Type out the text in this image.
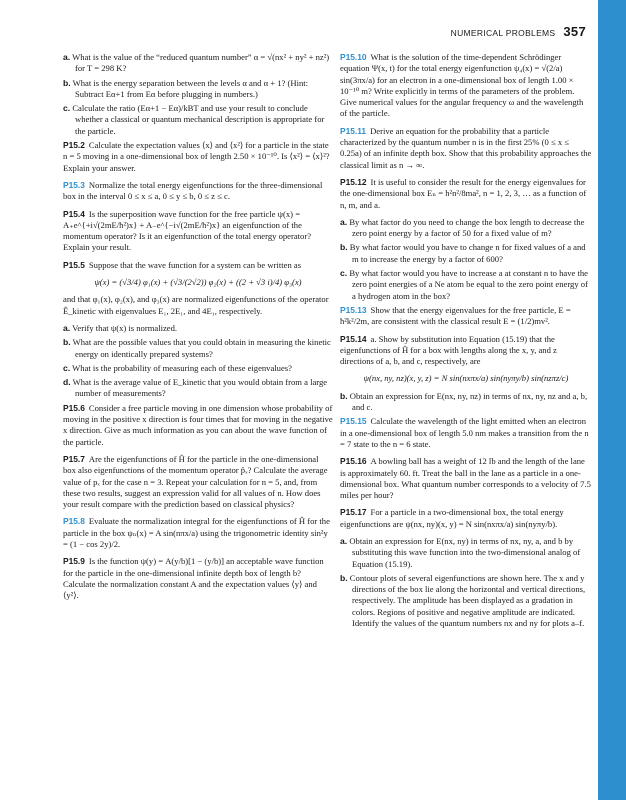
NUMERICAL PROBLEMS 357
a. What is the value of the “reduced quantum number” α = √(nx² + ny² + nz²) for T = 298 K?
b. What is the energy separation between the levels α and α + 1? (Hint: Subtract Eα+1 from Eα before plugging in numbers.)
c. Calculate the ratio (Eα+1 − Eα)/kBT and use your result to conclude whether a classical or quantum mechanical description is appropriate for the particle.
P15.2 Calculate the expectation values ⟨x⟩ and ⟨x²⟩ for a particle in the state n = 5 moving in a one-dimensional box of length 2.50 × 10⁻¹⁰. Is ⟨x²⟩ = ⟨x⟩²? Explain your answer.
P15.3 Normalize the total energy eigenfunctions for the three-dimensional box in the interval 0 ≤ x ≤ a, 0 ≤ y ≤ b, 0 ≤ z ≤ c.
P15.4 Is the superposition wave function for the free particle ψ(x) = A₊e^{+i√(2mE/ħ²)x} + A₋e^{−i√(2mE/ħ²)x} an eigenfunction of the momentum operator? Is it an eigenfunction of the total energy operator? Explain your result.
P15.5 Suppose that the wave function for a system can be written as
ψ(x) = (√3/4) φ₁(x) + (√3/(2√2)) φ₂(x) + ((2 + √3 i)/4) φ₃(x)
and that φ₁(x), φ₂(x), and φ₃(x) are normalized eigenfunctions of the operator Ê_kinetic with eigenvalues E₁, 2E₁, and 4E₁, respectively.
a. Verify that ψ(x) is normalized.
b. What are the possible values that you could obtain in measuring the kinetic energy on identically prepared systems?
c. What is the probability of measuring each of these eigenvalues?
d. What is the average value of E_kinetic that you would obtain from a large number of measurements?
P15.6 Consider a free particle moving in one dimension whose probability of moving in the positive x direction is four times that for moving in the negative x direction. Give as much information as you can about the wave function of the particle.
P15.7 Are the eigenfunctions of Ĥ for the particle in the one-dimensional box also eigenfunctions of the momentum operator p̂ₓ? Calculate the average value of pₓ for the case n = 3. Repeat your calculation for n = 5, and, from these two results, suggest an expression valid for all values of n. How does your result compare with the prediction based on classical physics?
P15.8 Evaluate the normalization integral for the eigenfunctions of Ĥ for the particle in the box ψₙ(x) = A sin(nπx/a) using the trigonometric identity sin²y = (1 − cos 2y)/2.
P15.9 Is the function ψ(y) = A(y/b)[1 − (y/b)] an acceptable wave function for the particle in the one-dimensional infinite depth box of length b? Calculate the normalization constant A and the expectation values ⟨y⟩ and ⟨y²⟩.
P15.10 What is the solution of the time-dependent Schrödinger equation Ψ(x, t) for the total energy eigenfunction ψ₄(x) = √(2/a) sin(3πx/a) for an electron in a one-dimensional box of length 1.00 × 10⁻¹⁰ m? Write explicitly in terms of the parameters of the problem. Give numerical values for the angular frequency ω and the wavelength of the particle.
P15.11 Derive an equation for the probability that a particle characterized by the quantum number n is in the first 25% (0 ≤ x ≤ 0.25a) of an infinite depth box. Show that this probability approaches the classical limit as n → ∞.
P15.12 It is useful to consider the result for the energy eigenvalues for the one-dimensional box Eₙ = h²n²/8ma², n = 1, 2, 3, … as a function of n, m, and a.
a. By what factor do you need to change the box length to decrease the zero point energy by a factor of 50 for a fixed value of m?
b. By what factor would you have to change n for fixed values of a and m to increase the energy by a factor of 600?
c. By what factor would you have to increase a at constant n to have the zero point energies of a Ne atom be equal to the zero point energy of a hydrogen atom in the box?
P15.13 Show that the energy eigenvalues for the free particle, E = ħ²k²/2m, are consistent with the classical result E = (1/2)mv².
P15.14 a. Show by substitution into Equation (15.19) that the eigenfunctions of Ĥ for a box with lengths along the x, y, and z directions of a, b, and c, respectively, are
ψ(nx, ny, nz)(x, y, z) = N sin(nxπx/a) sin(nyπy/b) sin(nzπz/c)
b. Obtain an expression for E(nx, ny, nz) in terms of nx, ny, nz and a, b, and c.
P15.15 Calculate the wavelength of the light emitted when an electron in a one-dimensional box of length 5.0 nm makes a transition from the n = 7 state to the n = 6 state.
P15.16 A bowling ball has a weight of 12 lb and the length of the lane is approximately 60. ft. Treat the ball in the lane as a particle in a one-dimensional box. What quantum number corresponds to a velocity of 7.5 miles per hour?
P15.17 For a particle in a two-dimensional box, the total energy eigenfunctions are ψ(nx, ny)(x, y) = N sin(nxπx/a) sin(nyπy/b).
a. Obtain an expression for E(nx, ny) in terms of nx, ny, a, and b by substituting this wave function into the two-dimensional analog of Equation (15.19).
b. Contour plots of several eigenfunctions are shown here. The x and y directions of the box lie along the horizontal and vertical directions, respectively. The amplitude has been displayed as a gradation in colors. Regions of positive and negative amplitude are indicated. Identify the values of the quantum numbers nx and ny for plots a–f.
